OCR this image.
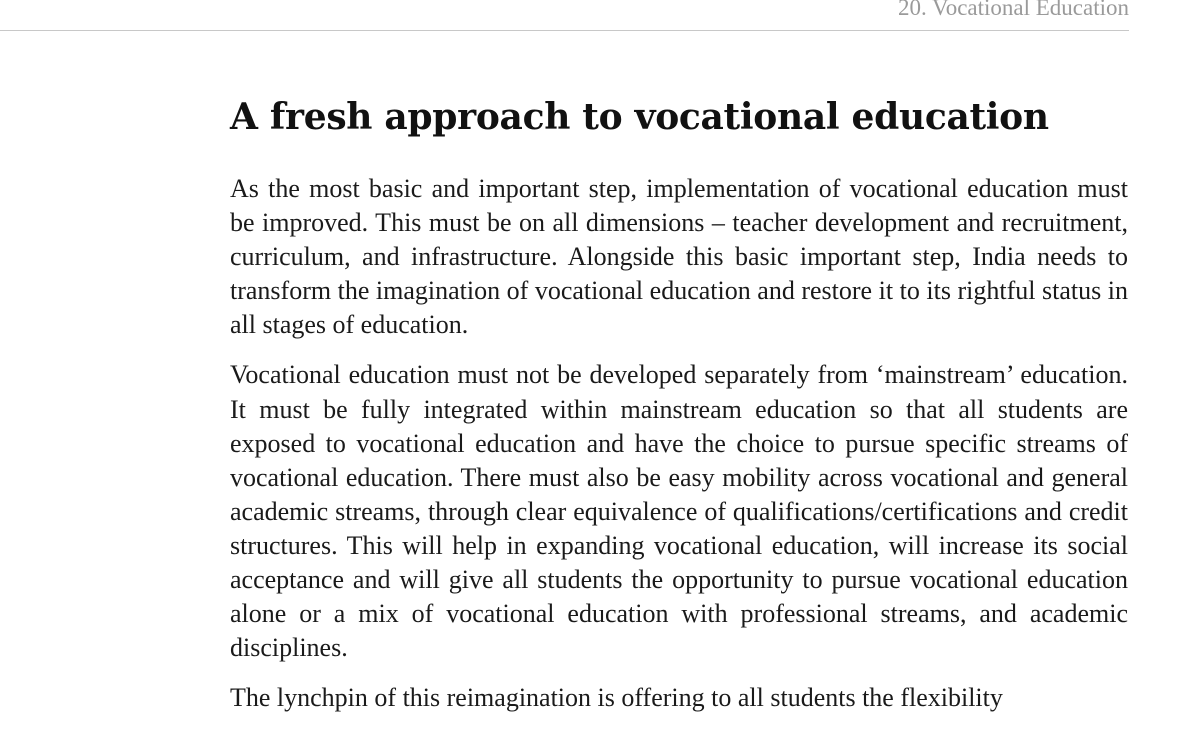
20. Vocational Education
A fresh approach to vocational education

As the most basic and important step, implementation of vocational education must be improved. This must be on all dimensions – teacher development and recruitment, curriculum, and infrastructure. Alongside this basic important step, India needs to transform the imagination of vocational education and restore it to its rightful status in all stages of education.

Vocational education must not be developed separately from ‘mainstream’ education. It must be fully integrated within mainstream education so that all students are exposed to vocational education and have the choice to pursue specific streams of vocational education. There must also be easy mobility across vocational and general academic streams, through clear equivalence of qualifications/certifications and credit structures. This will help in expanding vocational education, will increase its social acceptance and will give all students the opportunity to pursue vocational education alone or a mix of vocational education with professional streams, and academic disciplines.

The lynchpin of this reimagination is offering to all students the flexibility
